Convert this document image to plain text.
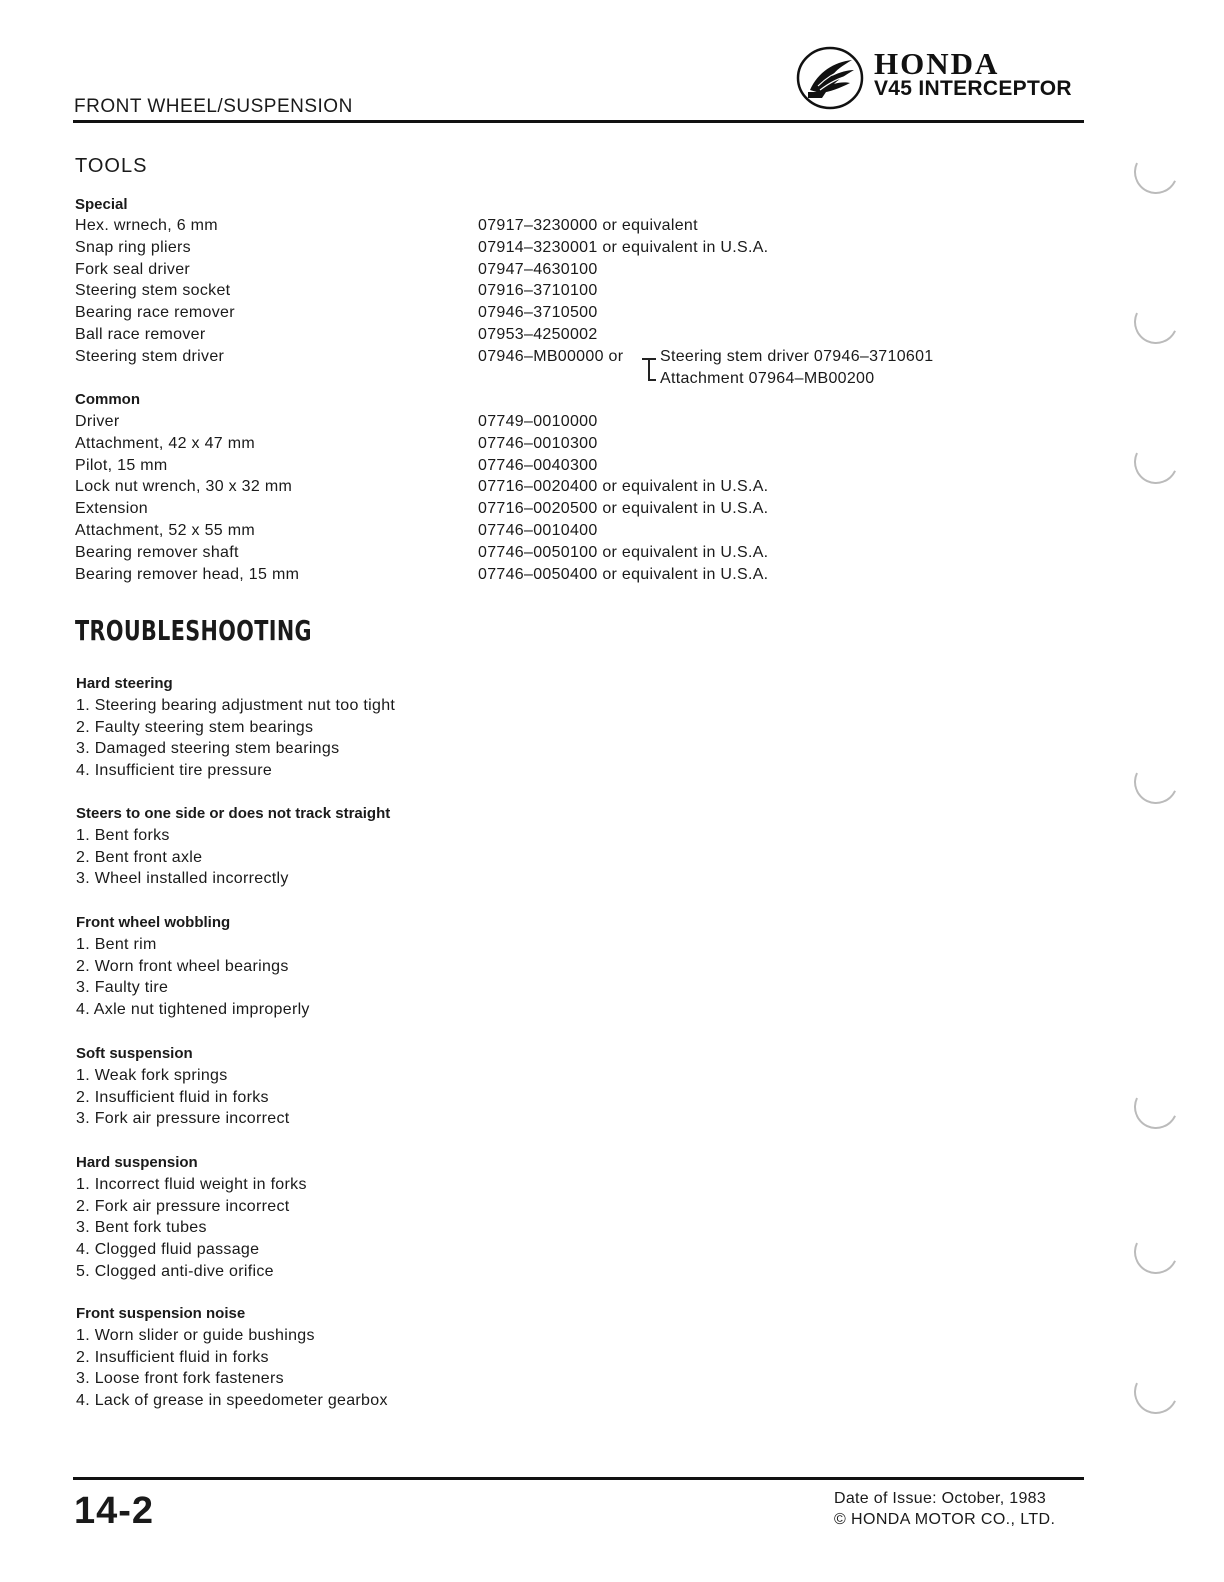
FRONT WHEEL/SUSPENSION
HONDA
V45 INTERCEPTOR
TOOLS
Special
Hex. wrnech, 6 mm
Snap ring pliers
Fork seal driver
Steering stem socket
Bearing race remover
Ball race remover
Steering stem driver
07917–3230000 or equivalent
07914–3230001 or equivalent in U.S.A.
07947–4630100
07916–3710100
07946–3710500
07953–4250002
07946–MB00000 or	Steering stem driver 07946–3710601
Attachment 07964–MB00200
Common
Driver
Attachment, 42 x 47 mm
Pilot, 15 mm
Lock nut wrench, 30 x 32 mm
Extension
Attachment, 52 x 55 mm
Bearing remover shaft
Bearing remover head, 15 mm
07749–0010000
07746–0010300
07746–0040300
07716–0020400 or equivalent in U.S.A.
07716–0020500 or equivalent in U.S.A.
07746–0010400
07746–0050100 or equivalent in U.S.A.
07746–0050400 or equivalent in U.S.A.
TROUBLESHOOTING
Hard steering
1. Steering bearing adjustment nut too tight
2. Faulty steering stem bearings
3. Damaged steering stem bearings
4. Insufficient tire pressure
Steers to one side or does not track straight
1. Bent forks
2. Bent front axle
3. Wheel installed incorrectly
Front wheel wobbling
1. Bent rim
2. Worn front wheel bearings
3. Faulty tire
4. Axle nut tightened improperly
Soft suspension
1. Weak fork springs
2. Insufficient fluid in forks
3. Fork air pressure incorrect
Hard suspension
1. Incorrect fluid weight in forks
2. Fork air pressure incorrect
3. Bent fork tubes
4. Clogged fluid passage
5. Clogged anti-dive orifice
Front suspension noise
1. Worn slider or guide bushings
2. Insufficient fluid in forks
3. Loose front fork fasteners
4. Lack of grease in speedometer gearbox
14-2	Date of Issue: October, 1983
© HONDA MOTOR CO., LTD.
